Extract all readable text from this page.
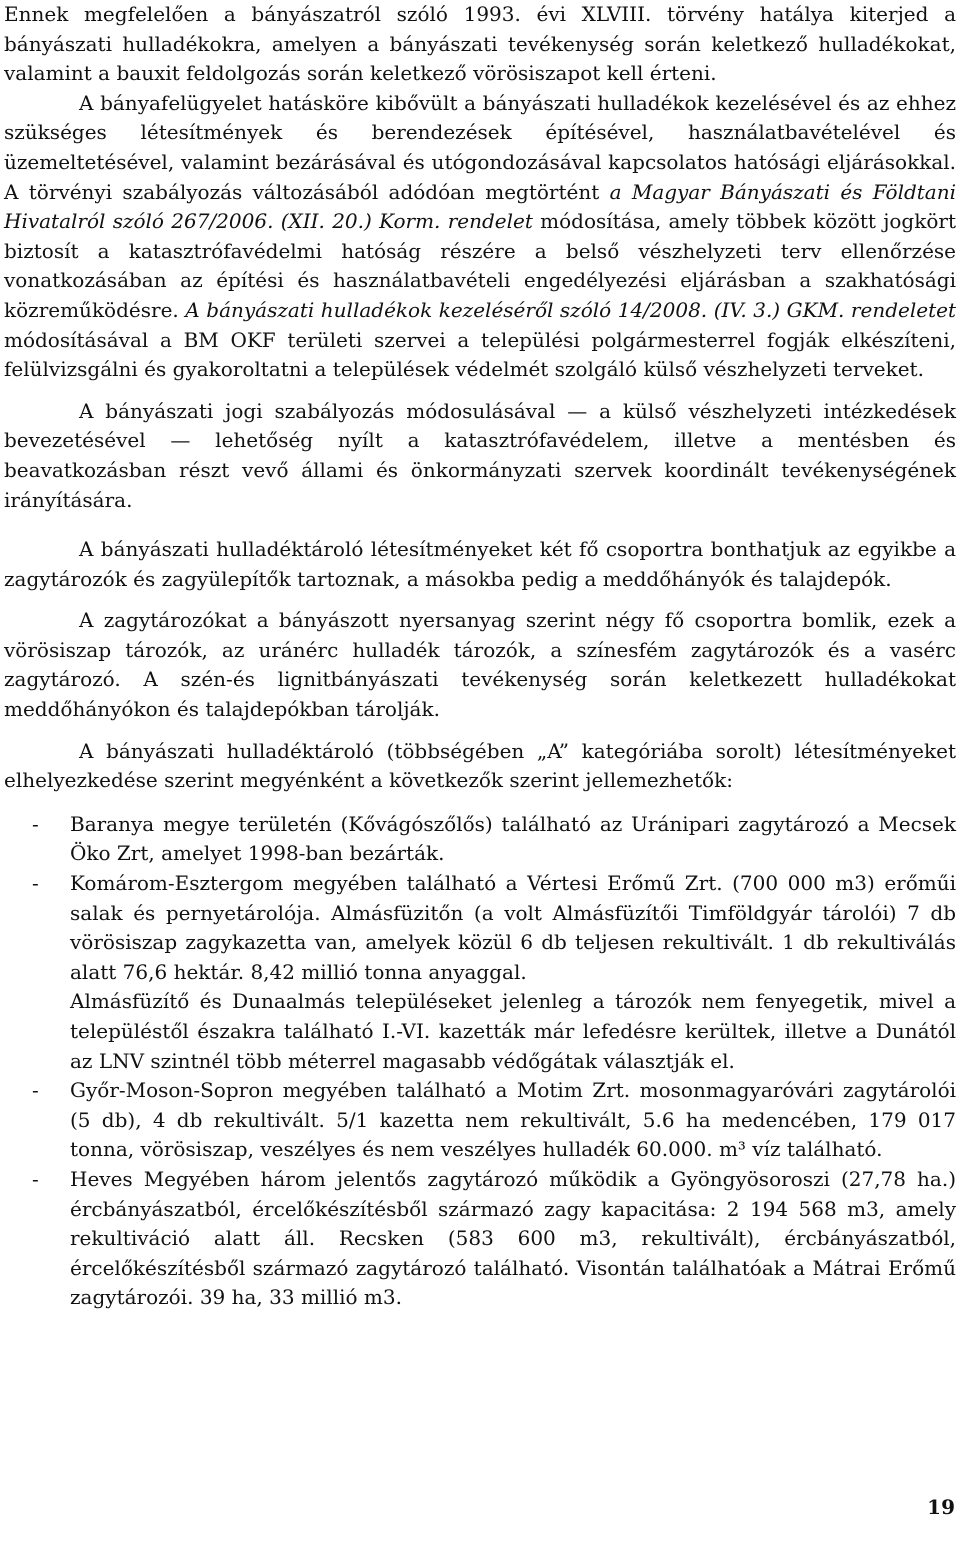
Ennek megfelelően a bányászatról szóló 1993. évi XLVIII. törvény hatálya kiterjed a bányászati hulladékokra, amelyen a bányászati tevékenység során keletkező hulladékokat, valamint a bauxit feldolgozás során keletkező vörösiszapot kell érteni.

A bányafelügyelet hatásköre kibővült a bányászati hulladékok kezelésével és az ehhez szükséges létesítmények és berendezések építésével, használatbavételével és üzemeltetésével, valamint bezárásával és utógondozásával kapcsolatos hatósági eljárásokkal. A törvényi szabályozás változásából adódóan megtörtént a Magyar Bányászati és Földtani Hivatalról szóló 267/2006. (XII. 20.) Korm. rendelet módosítása, amely többek között jogkört biztosít a katasztrófavédelmi hatóság részére a belső vészhelyzeti terv ellenőrzése vonatkozásában az építési és használatbavételi engedélyezési eljárásban a szakhatósági közreműködésre. A bányászati hulladékok kezeléséről szóló 14/2008. (IV. 3.) GKM. rendeletet módosításával a BM OKF területi szervei a települési polgármesterrel fogják elkészíteni, felülvizsgálni és gyakoroltatni a települések védelmét szolgáló külső vészhelyzeti terveket.

A bányászati jogi szabályozás módosulásával — a külső vészhelyzeti intézkedések bevezetésével — lehetőség nyílt a katasztrófavédelem, illetve a mentésben és beavatkozásban részt vevő állami és önkormányzati szervek koordinált tevékenységének irányítására.

A bányászati hulladéktároló létesítményeket két fő csoportra bonthatjuk az egyikbe a zagytározók és zagyülepítők tartoznak, a másokba pedig a meddőhányók és talajdepók.

A zagytározókat a bányászott nyersanyag szerint négy fő csoportra bomlik, ezek a vörösiszap tározók, az uránérc hulladék tározók, a színesfém zagytározók és a vasérc zagytározó. A szén-és lignitbányászati tevékenység során keletkezett hulladékokat meddőhányókon és talajdepókban tárolják.

A bányászati hulladéktároló (többségében „A” kategóriába sorolt) létesítményeket elhelyezkedése szerint megyénként a következők szerint jellemezhetők:

- Baranya megye területén (Kővágószőlős) található az Uránipari zagytározó a Mecsek Öko Zrt, amelyet 1998-ban bezárták.
- Komárom-Esztergom megyében található a Vértesi Erőmű Zrt. (700 000 m3) erőműi salak és pernyetárolója. Almásfüzitőn (a volt Almásfüzítői Timföldgyár tárolói) 7 db vörösiszap zagykazetta van, amelyek közül 6 db teljesen rekultivált. 1 db rekultiválás alatt 76,6 hektár. 8,42 millió tonna anyaggal.
Almásfüzítő és Dunaalmás településeket jelenleg a tározók nem fenyegetik, mivel a településtől északra található I.-VI. kazetták már lefedésre kerültek, illetve a Dunától az LNV szintnél több méterrel magasabb védőgátak választják el.
- Győr-Moson-Sopron megyében található a Motim Zrt. mosonmagyaróvári zagytárolói (5 db), 4 db rekultivált. 5/1 kazetta nem rekultivált, 5.6 ha medencében, 179 017 tonna, vörösiszap, veszélyes és nem veszélyes hulladék 60.000. m³ víz található.
- Heves Megyében három jelentős zagytározó működik a Gyöngyösoroszi (27,78 ha.) ércbányászatból, ércelőkészítésből származó zagy kapacitása: 2 194 568 m3, amely rekultiváció alatt áll. Recsken (583 600 m3, rekultivált), ércbányászatból, ércelőkészítésből származó zagytározó található. Visontán találhatóak a Mátrai Erőmű zagytározói. 39 ha, 33 millió m3.
19
